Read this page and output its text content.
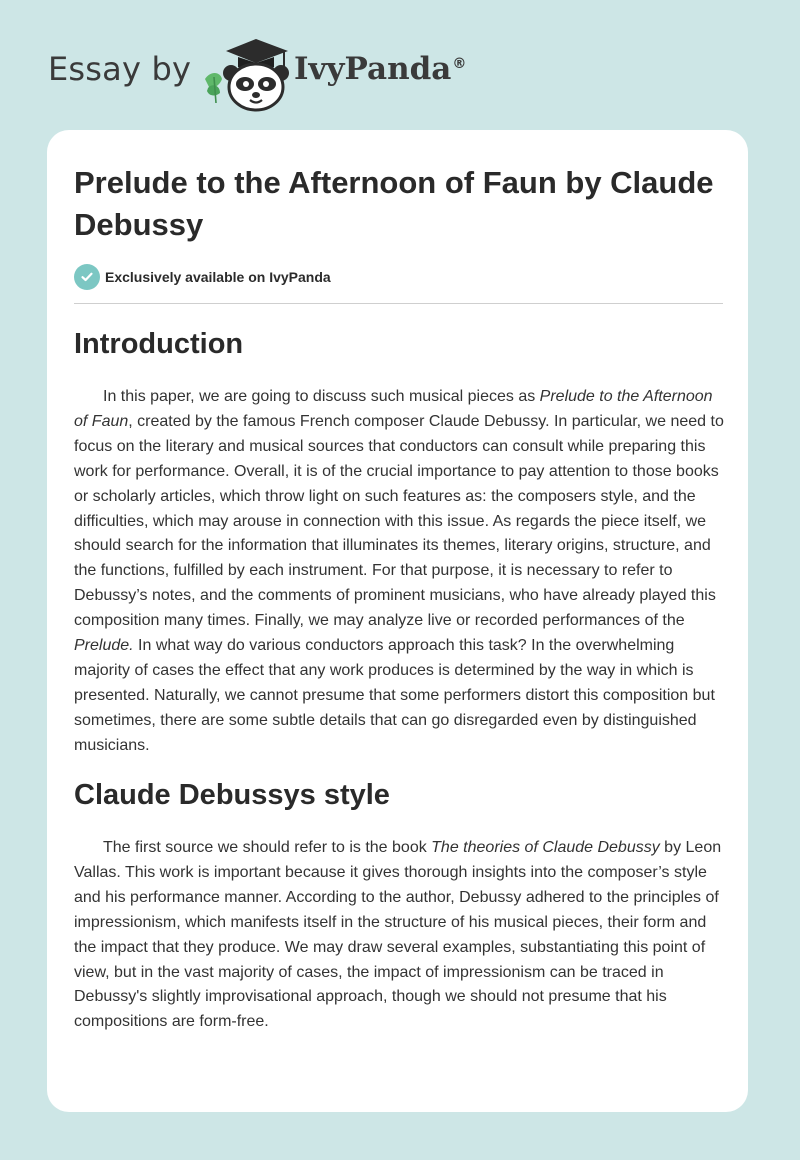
Essay by	IvyPanda®
Prelude to the Afternoon of Faun by Claude Debussy
Exclusively available on IvyPanda
Introduction

In this paper, we are going to discuss such musical pieces as Prelude to the Afternoon of Faun, created by the famous French composer Claude Debussy. In particular, we need to focus on the literary and musical sources that conductors can consult while preparing this work for performance. Overall, it is of the crucial importance to pay attention to those books or scholarly articles, which throw light on such features as: the composers style, and the difficulties, which may arouse in connection with this issue. As regards the piece itself, we should search for the information that illuminates its themes, literary origins, structure, and the functions, fulfilled by each instrument. For that purpose, it is necessary to refer to Debussy’s notes, and the comments of prominent musicians, who have already played this composition many times. Finally, we may analyze live or recorded performances of the Prelude. In what way do various conductors approach this task? In the overwhelming majority of cases the effect that any work produces is determined by the way in which is presented. Naturally, we cannot presume that some performers distort this composition but sometimes, there are some subtle details that can go disregarded even by distinguished musicians.

Claude Debussys style

The first source we should refer to is the book The theories of Claude Debussy by Leon Vallas. This work is important because it gives thorough insights into the composer’s style and his performance manner. According to the author, Debussy adhered to the principles of impressionism, which manifests itself in the structure of his musical pieces, their form and the impact that they produce. We may draw several examples, substantiating this point of view, but in the vast majority of cases, the impact of impressionism can be traced in Debussy's slightly improvisational approach, though we should not presume that his compositions are form-free.
